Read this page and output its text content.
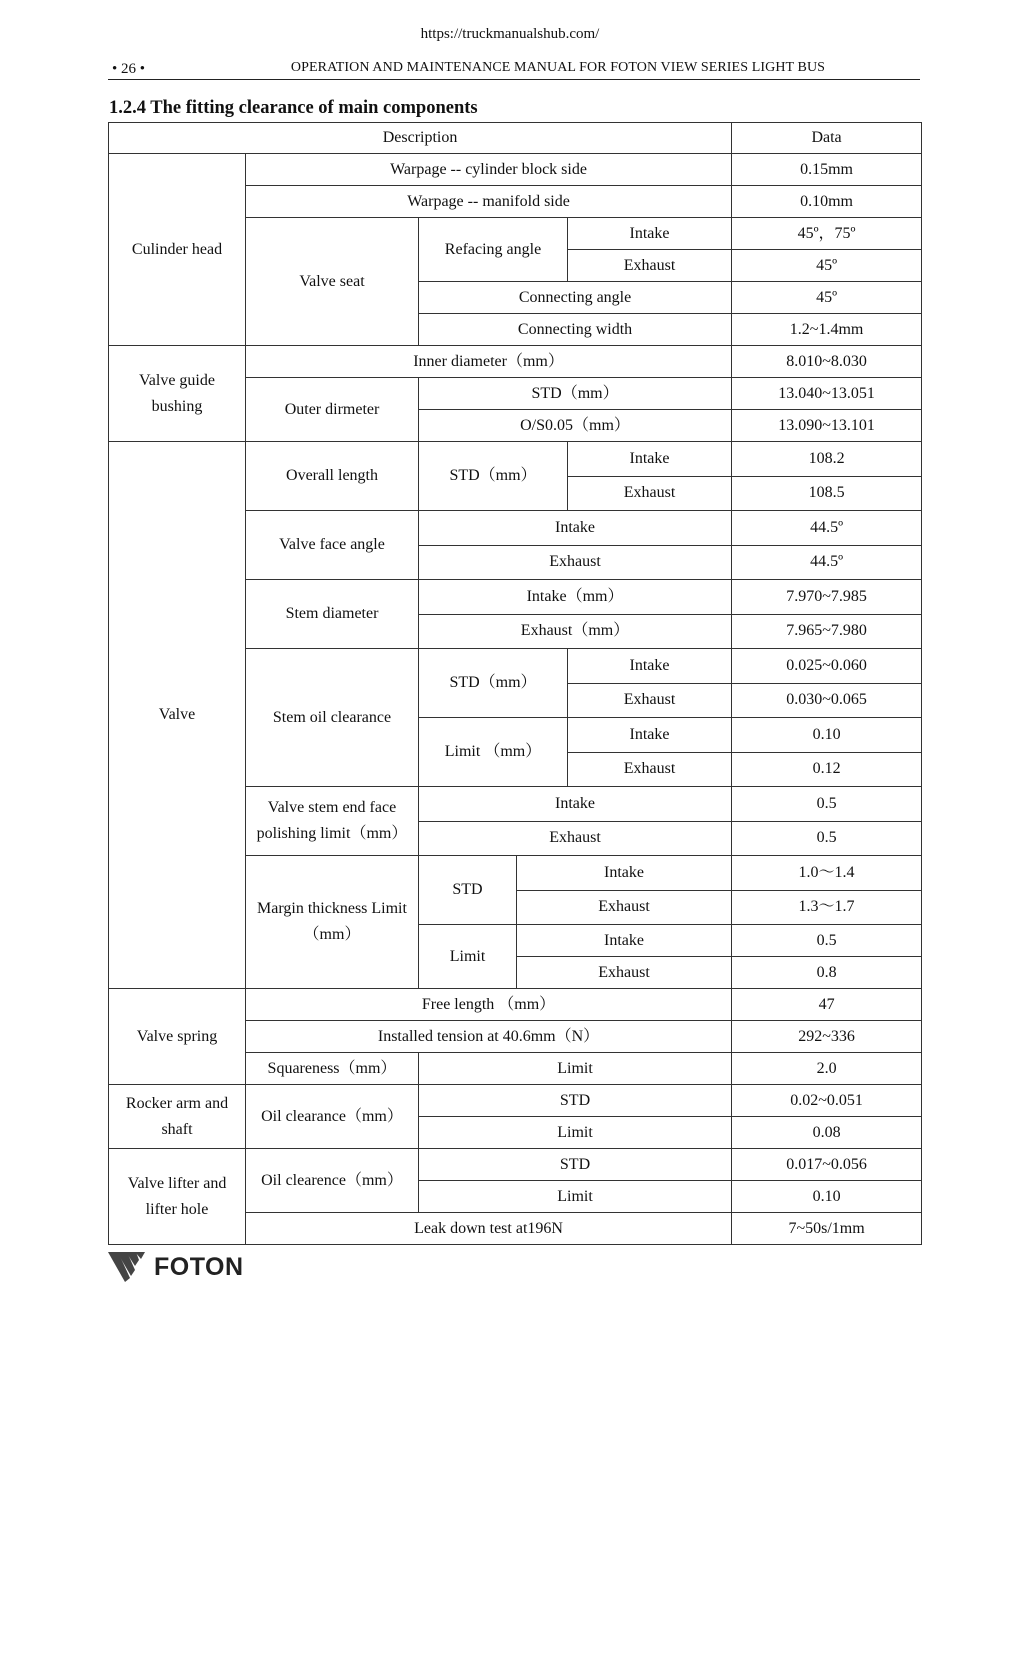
https://truckmanualshub.com/
• 26 •	OPERATION AND MAINTENANCE MANUAL FOR FOTON VIEW SERIES LIGHT BUS
1.2.4 The fitting clearance of main components
Description					Data
Culinder head	Warpage -- cylinder block side				0.15mm
	Warpage -- manifold side				0.10mm
	Valve seat	Refacing angle		Intake	45º，75º
				Exhaust	45º
		Connecting angle			45º
		Connecting width			1.2~1.4mm
Valve guide bushing	Inner diameter（mm）				8.010~8.030
	Outer dirmeter	STD（mm）			13.040~13.051
		O/S0.05（mm）			13.090~13.101
Valve	Overall length	STD（mm）		Intake	108.2
				Exhaust	108.5
	Valve face angle	Intake			44.5º
		Exhaust			44.5º
	Stem diameter	Intake（mm）			7.970~7.985
		Exhaust（mm）			7.965~7.980
	Stem oil clearance	STD（mm）		Intake	0.025~0.060
				Exhaust	0.030~0.065
		Limit （mm）		Intake	0.10
				Exhaust	0.12
	Valve stem end face polishing limit（mm）	Intake			0.5
		Exhaust			0.5
	Margin thickness Limit（mm）	STD	Intake		1.0～1.4
			Exhaust		1.3～1.7
		Limit	Intake		0.5
			Exhaust		0.8
Valve spring	Free length （mm）				47
	Installed tension at 40.6mm（N）				292~336
	Squareness（mm）	Limit			2.0
Rocker arm and shaft	Oil clearance（mm）	STD			0.02~0.051
		Limit			0.08
Valve lifter and lifter hole	Oil clearence（mm）	STD			0.017~0.056
		Limit			0.10
	Leak down test at196N				7~50s/1mm
FOTON
